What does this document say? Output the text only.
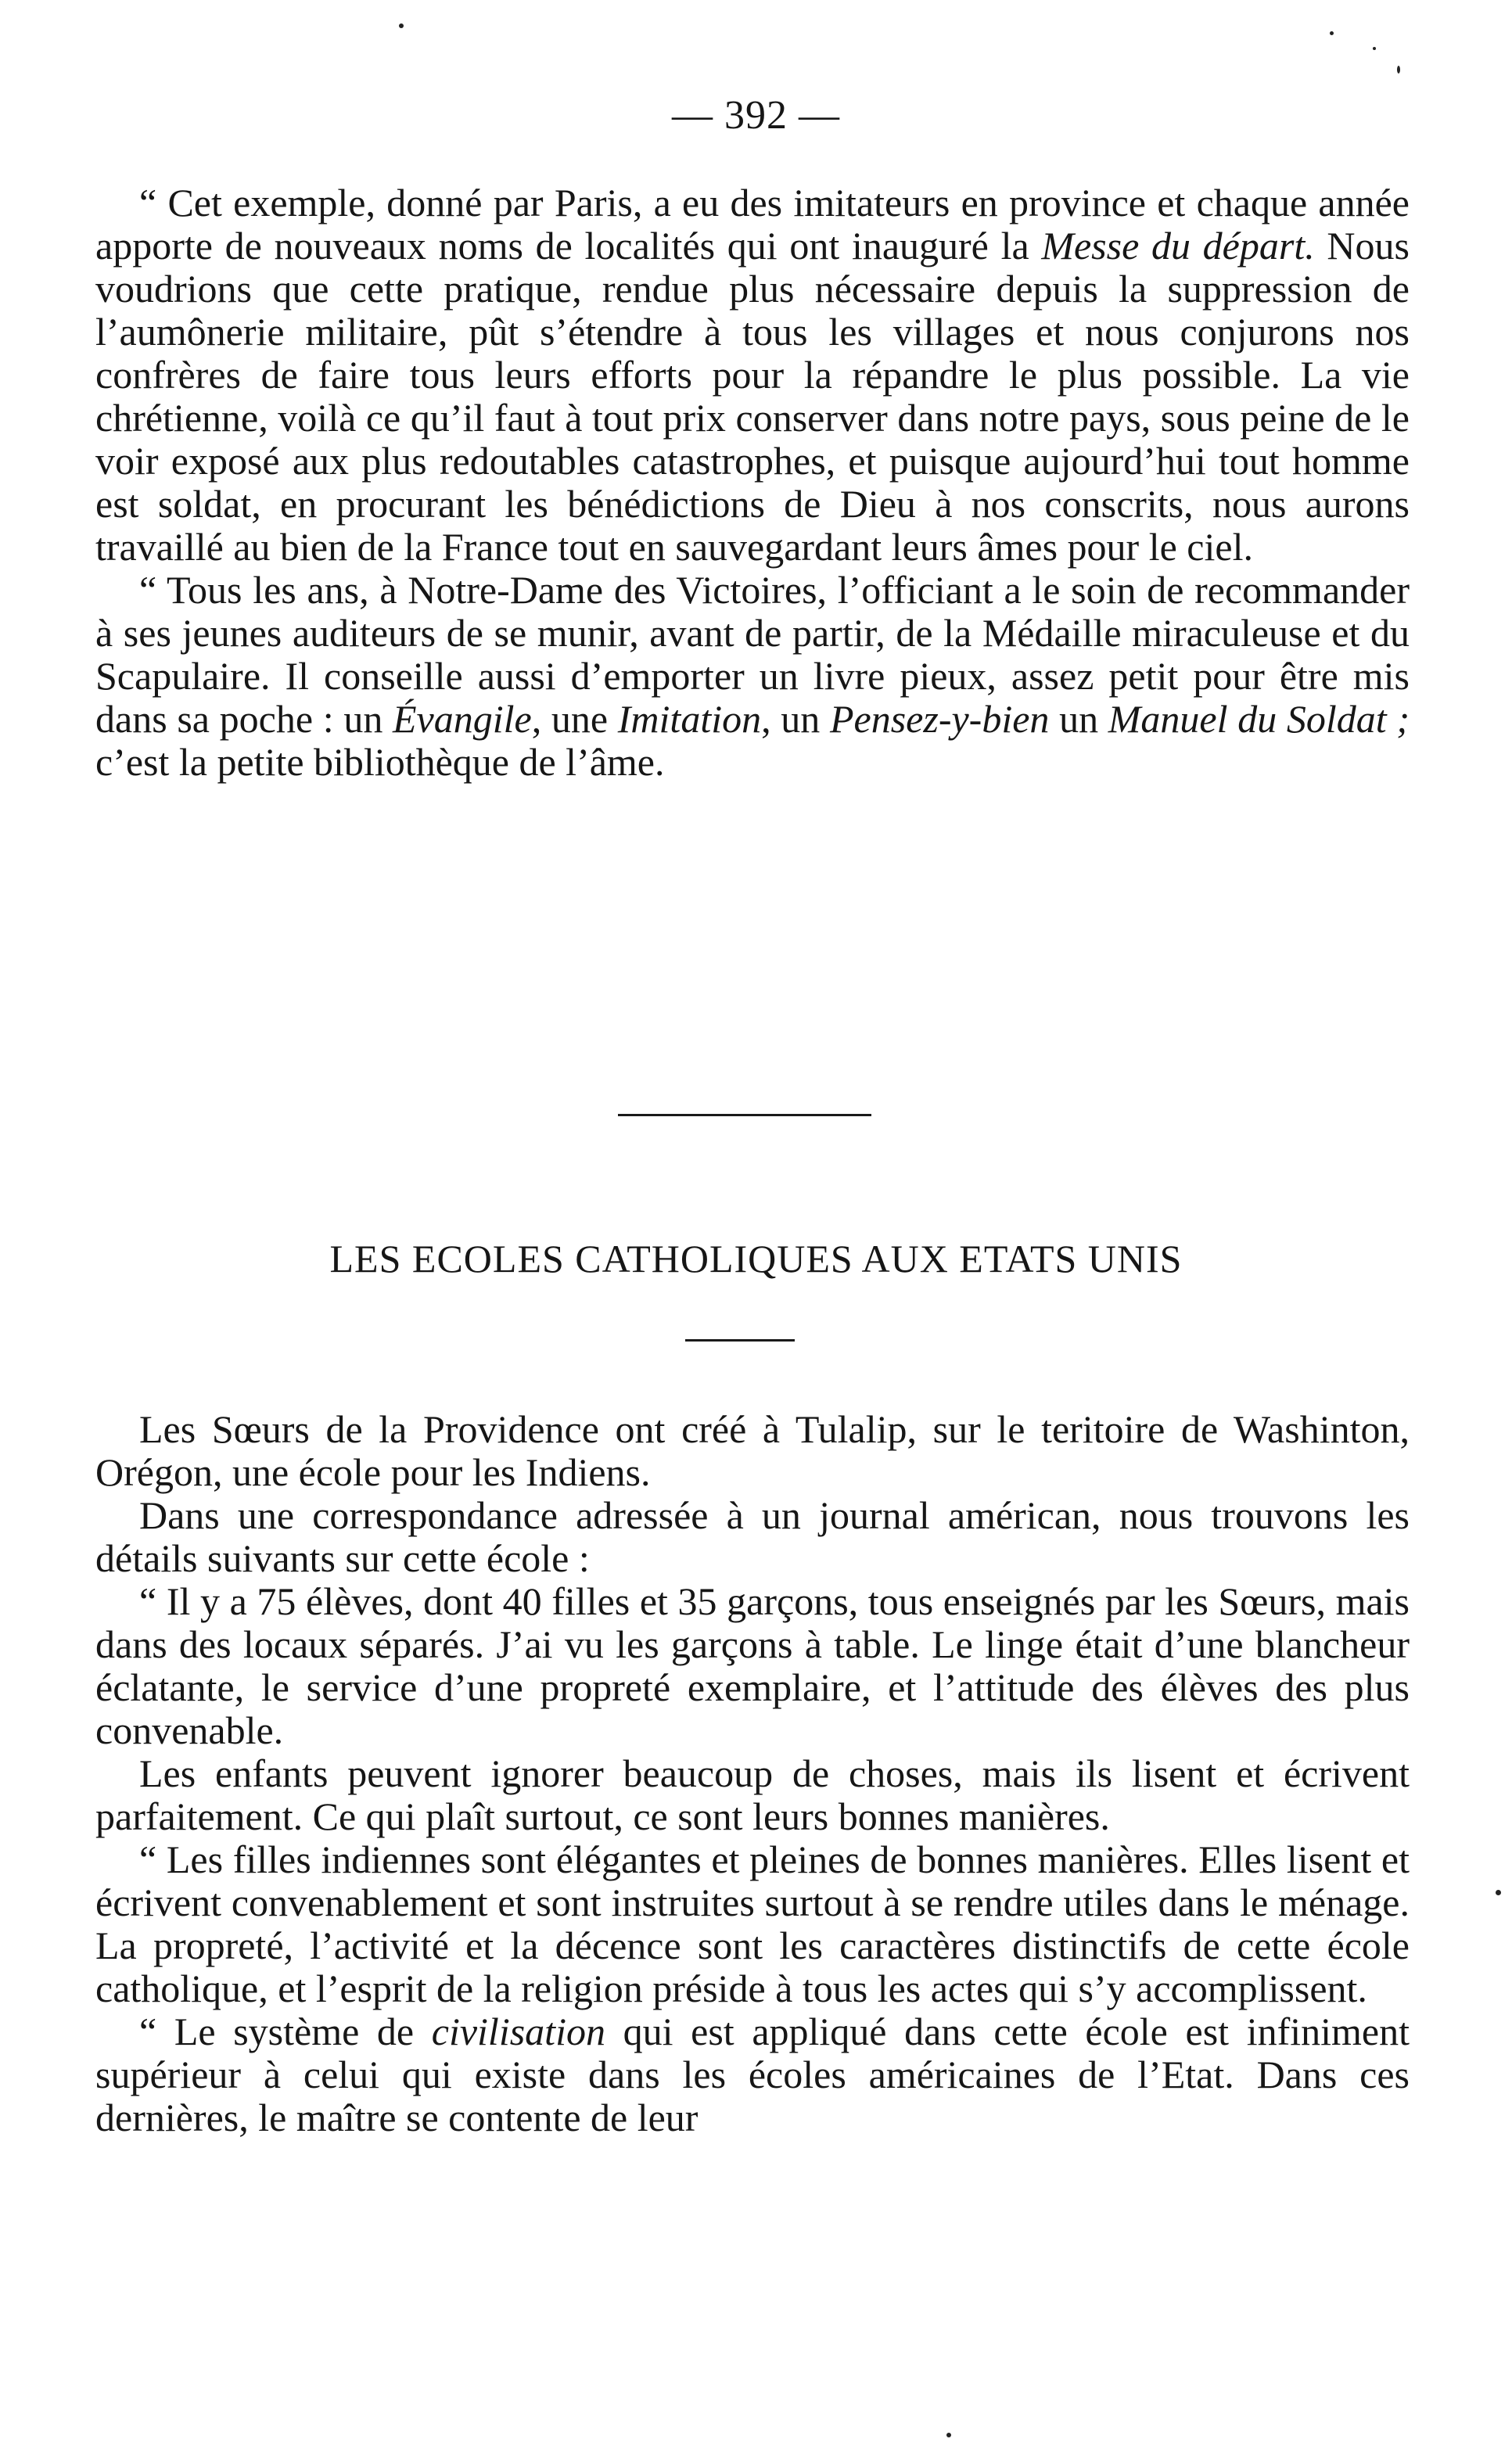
— 392 —

“ Cet exemple, donné par Paris, a eu des imitateurs en province et chaque année apporte de nouveaux noms de localités qui ont inauguré la Messe du départ. Nous voudrions que cette pratique, rendue plus nécessaire depuis la suppression de l’aumônerie militaire, pût s’étendre à tous les villages et nous conjurons nos confrères de faire tous leurs efforts pour la répandre le plus possible. La vie chrétienne, voilà ce qu’il faut à tout prix conserver dans notre pays, sous peine de le voir exposé aux plus redoutables catastrophes, et puisque aujourd’hui tout homme est soldat, en procurant les bénédictions de Dieu à nos conscrits, nous aurons travaillé au bien de la France tout en sauvegardant leurs âmes pour le ciel.

“ Tous les ans, à Notre-Dame des Victoires, l’officiant a le soin de recommander à ses jeunes auditeurs de se munir, avant de partir, de la Médaille miraculeuse et du Scapulaire. Il conseille aussi d’emporter un livre pieux, assez petit pour être mis dans sa poche : un Évangile, une Imitation, un Pensez-y-bien un Manuel du Soldat ; c’est la petite bibliothèque de l’âme.

LES ECOLES CATHOLIQUES AUX ETATS UNIS

Les Sœurs de la Providence ont créé à Tulalip, sur le teritoire de Washinton, Orégon, une école pour les Indiens.

Dans une correspondance adressée à un journal américan, nous trouvons les détails suivants sur cette école :

“ Il y a 75 élèves, dont 40 filles et 35 garçons, tous enseignés par les Sœurs, mais dans des locaux séparés. J’ai vu les garçons à table. Le linge était d’une blancheur éclatante, le service d’une propreté exemplaire, et l’attitude des élèves des plus convenable.

Les enfants peuvent ignorer beaucoup de choses, mais ils lisent et écrivent parfaitement. Ce qui plaît surtout, ce sont leurs bonnes manières.

“ Les filles indiennes sont élégantes et pleines de bonnes manières. Elles lisent et écrivent convenablement et sont instruites surtout à se rendre utiles dans le ménage. La propreté, l’activité et la décence sont les caractères distinctifs de cette école catholique, et l’esprit de la religion préside à tous les actes qui s’y accomplissent.

“ Le système de civilisation qui est appliqué dans cette école est infiniment supérieur à celui qui existe dans les écoles américaines de l’Etat. Dans ces dernières, le maître se contente de leur
